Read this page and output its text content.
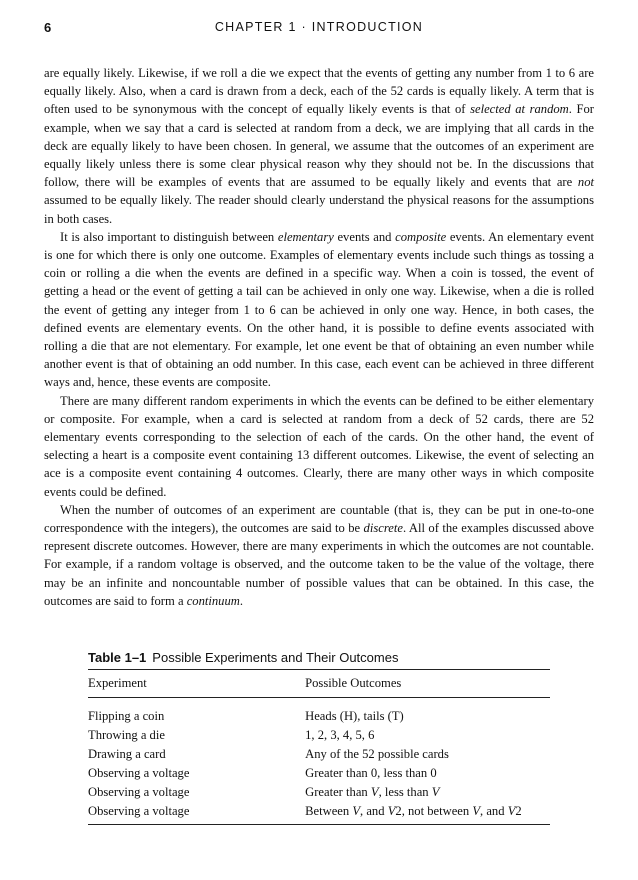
6	CHAPTER 1 · INTRODUCTION

are equally likely. Likewise, if we roll a die we expect that the events of getting any number from 1 to 6 are equally likely. Also, when a card is drawn from a deck, each of the 52 cards is equally likely. A term that is often used to be synonymous with the concept of equally likely events is that of selected at random. For example, when we say that a card is selected at random from a deck, we are implying that all cards in the deck are equally likely to have been chosen. In general, we assume that the outcomes of an experiment are equally likely unless there is some clear physical reason why they should not be. In the discussions that follow, there will be examples of events that are assumed to be equally likely and events that are not assumed to be equally likely. The reader should clearly understand the physical reasons for the assumptions in both cases.

It is also important to distinguish between elementary events and composite events. An elementary event is one for which there is only one outcome. Examples of elementary events include such things as tossing a coin or rolling a die when the events are defined in a specific way. When a coin is tossed, the event of getting a head or the event of getting a tail can be achieved in only one way. Likewise, when a die is rolled the event of getting any integer from 1 to 6 can be achieved in only one way. Hence, in both cases, the defined events are elementary events. On the other hand, it is possible to define events associated with rolling a die that are not elementary. For example, let one event be that of obtaining an even number while another event is that of obtaining an odd number. In this case, each event can be achieved in three different ways and, hence, these events are composite.

There are many different random experiments in which the events can be defined to be either elementary or composite. For example, when a card is selected at random from a deck of 52 cards, there are 52 elementary events corresponding to the selection of each of the cards. On the other hand, the event of selecting a heart is a composite event containing 13 different outcomes. Likewise, the event of selecting an ace is a composite event containing 4 outcomes. Clearly, there are many other ways in which composite events could be defined.

When the number of outcomes of an experiment are countable (that is, they can be put in one-to-one correspondence with the integers), the outcomes are said to be discrete. All of the examples discussed above represent discrete outcomes. However, there are many experiments in which the outcomes are not countable. For example, if a random voltage is observed, and the outcome taken to be the value of the voltage, there may be an infinite and noncountable number of possible values that can be obtained. In this case, the outcomes are said to form a continuum.

Table 1–1 Possible Experiments and Their Outcomes
Experiment	Possible Outcomes
Flipping a coin	Heads (H), tails (T)
Throwing a die	1, 2, 3, 4, 5, 6
Drawing a card	Any of the 52 possible cards
Observing a voltage	Greater than 0, less than 0
Observing a voltage	Greater than V, less than V
Observing a voltage	Between V, and V2, not between V, and V2
